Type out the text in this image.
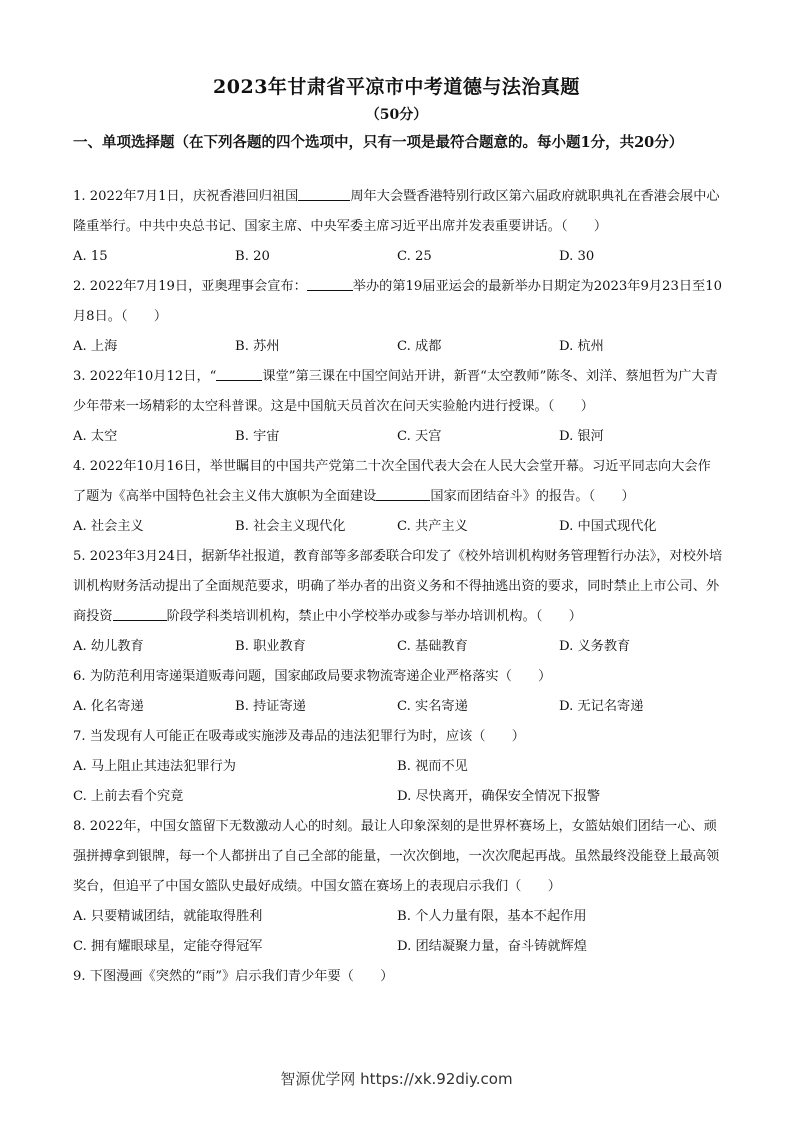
2023年甘肃省平凉市中考道德与法治真题
（50分）
一、单项选择题（在下列各题的四个选项中，只有一项是最符合题意的。每小题1分，共20分）

1. 2022年7月1日，庆祝香港回归祖国	周年大会暨香港特别行政区第六届政府就职典礼在香港会展中心隆重举行。中共中央总书记、国家主席、中央军委主席习近平出席并发表重要讲话。（　　）

A. 15	B. 20	C. 25	D. 30

2. 2022年7月19日，亚奥理事会宣布：	举办的第19届亚运会的最新举办日期定为2023年9月23日至10月8日。（　　）

A. 上海	B. 苏州	C. 成都	D. 杭州

3. 2022年10月12日，“	课堂”第三课在中国空间站开讲，新晋“太空教师”陈冬、刘洋、蔡旭哲为广大青少年带来一场精彩的太空科普课。这是中国航天员首次在问天实验舱内进行授课。（　　）

A. 太空	B. 宇宙	C. 天宫	D. 银河

4. 2022年10月16日，举世瞩目的中国共产党第二十次全国代表大会在人民大会堂开幕。习近平同志向大会作了题为《高举中国特色社会主义伟大旗帜为全面建设	国家而团结奋斗》的报告。（　　）

A. 社会主义	B. 社会主义现代化	C. 共产主义	D. 中国式现代化

5. 2023年3月24日，据新华社报道，教育部等多部委联合印发了《校外培训机构财务管理暂行办法》，对校外培训机构财务活动提出了全面规范要求，明确了举办者的出资义务和不得抽逃出资的要求，同时禁止上市公司、外商投资	阶段学科类培训机构，禁止中小学校举办或参与举办培训机构。（　　）

A. 幼儿教育	B. 职业教育	C. 基础教育	D. 义务教育

6. 为防范利用寄递渠道贩毒问题，国家邮政局要求物流寄递企业严格落实（　　）

A. 化名寄递	B. 持证寄递	C. 实名寄递	D. 无记名寄递

7. 当发现有人可能正在吸毒或实施涉及毒品的违法犯罪行为时，应该（　　）

A. 马上阻止其违法犯罪行为	B. 视而不见
C. 上前去看个究竟	D. 尽快离开，确保安全情况下报警

8. 2022年，中国女篮留下无数激动人心的时刻。最让人印象深刻的是世界杯赛场上，女篮姑娘们团结一心、顽强拼搏拿到银牌，每一个人都拼出了自己全部的能量，一次次倒地，一次次爬起再战。虽然最终没能登上最高领奖台，但追平了中国女篮队史最好成绩。中国女篮在赛场上的表现启示我们（　　）

A. 只要精诚团结，就能取得胜利	B. 个人力量有限，基本不起作用
C. 拥有耀眼球星，定能夺得冠军	D. 团结凝聚力量，奋斗铸就辉煌

9. 下图漫画《突然的“雨”》启示我们青少年要（　　）

智源优学网 https://xk.92diy.com
